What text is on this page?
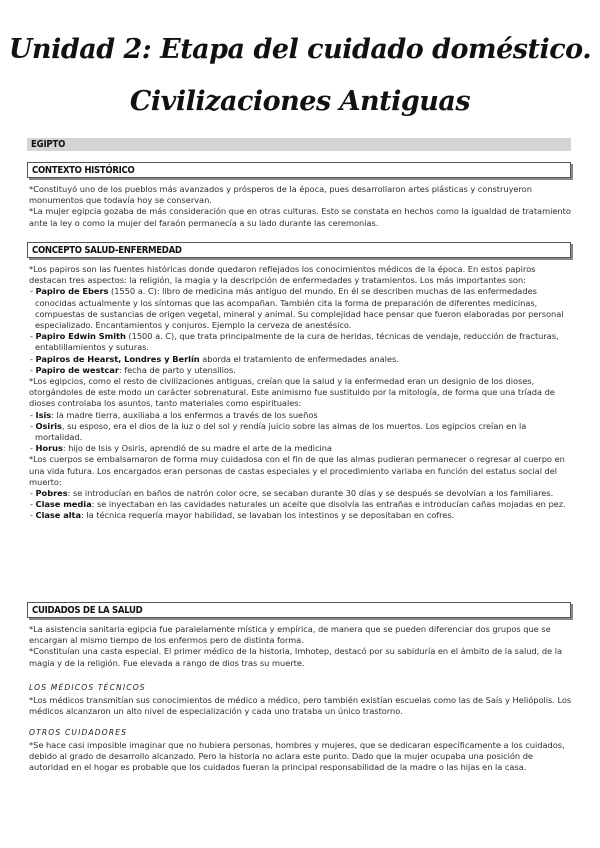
Unidad 2: Etapa del cuidado doméstico.
Civilizaciones Antiguas
EGIPTO
CONTEXTO HISTÓRICO

*Constituyó uno de los pueblos más avanzados y prósperos de la época, pues desarrollaron artes plásticas y construyeron monumentos que todavía hoy se conservan.

*La mujer egipcia gozaba de más consideración que en otras culturas. Esto se constata en hechos como la igualdad de tratamiento ante la ley o como la mujer del faraón permanecía a su lado durante las ceremonias.

CONCEPTO SALUD-ENFERMEDAD

*Los papiros son las fuentes históricas donde quedaron reflejados los conocimientos médicos de la época. En estos papiros destacan tres aspectos: la religión, la magia y la descripción de enfermedades y tratamientos. Los más importantes son:

- Papiro de Ebers (1550 a. C): libro de medicina más antiguo del mundo. En él se describen muchas de las enfermedades conocidas actualmente y los síntomas que las acompañan. También cita la forma de preparación de diferentes medicinas, compuestas de sustancias de origen vegetal, mineral y animal. Su complejidad hace pensar que fueron elaboradas por personal especializado. Encantamientos y conjuros. Ejemplo la cerveza de anestésico.

- Papiro Edwin Smith (1500 a. C), que trata principalmente de la cura de heridas, técnicas de vendaje, reducción de fracturas, entablillamientos y suturas.

- Papiros de Hearst, Londres y Berlín aborda el tratamiento de enfermedades anales.

- Papiro de westcar: fecha de parto y utensilios.

*Los egipcios, como el resto de civilizaciones antiguas, creían que la salud y la enfermedad eran un designio de los dioses, otorgándoles de este modo un carácter sobrenatural. Este animismo fue sustituido por la mitología, de forma que una tríada de dioses controlaba los asuntos, tanto materiales como espirituales:

- Isis: la madre tierra, auxiliaba a los enfermos a través de los sueños

- Osiris, su esposo, era el dios de la luz o del sol y rendía juicio sobre las almas de los muertos. Los egipcios creían en la mortalidad.

- Horus: hijo de Isis y Osiris, aprendió de su madre el arte de la medicina

*Los cuerpos se embalsamaron de forma muy cuidadosa con el fin de que las almas pudieran permanecer o regresar al cuerpo en una vida futura. Los encargados eran personas de castas especiales y el procedimiento variaba en función del estatus social del muerto:

- Pobres: se introducían en baños de natrón color ocre, se secaban durante 30 días y se después se devolvían a los familiares.

- Clase media: se inyectaban en las cavidades naturales un aceite que disolvía las entrañas e introducían cañas mojadas en pez.

- Clase alta: la técnica requería mayor habilidad, se lavaban los intestinos y se depositaban en cofres.

CUIDADOS DE LA SALUD

*La asistencia sanitaria egipcia fue paralelamente mística y empírica, de manera que se pueden diferenciar dos grupos que se encargan al mismo tiempo de los enfermos pero de distinta forma.

*Constituían una casta especial. El primer médico de la historia, Imhotep, destacó por su sabiduría en el ámbito de la salud, de la magia y de la religión. Fue elevada a rango de dios tras su muerte.

LOS MÉDICOS TÉCNICOS

*Los médicos transmitían sus conocimientos de médico a médico, pero también existían escuelas como las de Saís y Heliópolis. Los médicos alcanzaron un alto nivel de especialización y cada uno trataba un único trastorno.

OTROS CUIDADORES

*Se hace casi imposible imaginar que no hubiera personas, hombres y mujeres, que se dedicaran específicamente a los cuidados, debido al grado de desarrollo alcanzado. Pero la historia no aclara este punto. Dado que la mujer ocupaba una posición de autoridad en el hogar es probable que los cuidados fueran la principal responsabilidad de la madre o las hijas en la casa.
